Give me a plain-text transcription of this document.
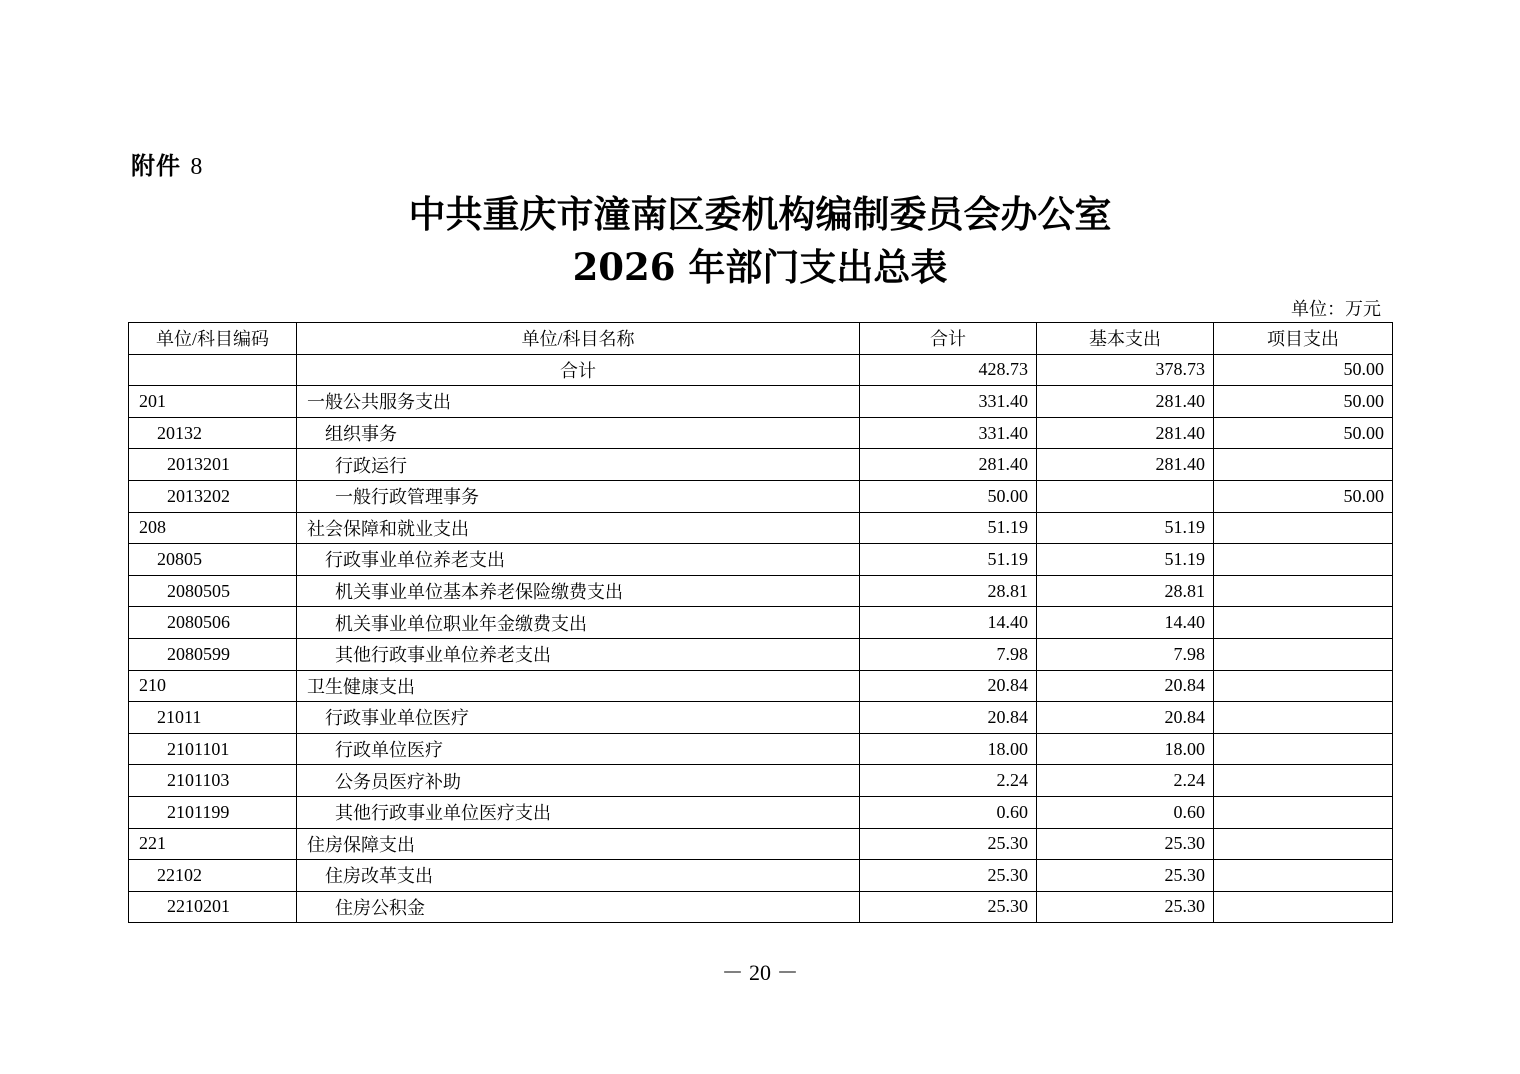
附件 8
中共重庆市潼南区委机构编制委员会办公室
2026 年部门支出总表
单位：万元
单位/科目编码	单位/科目名称	合计	基本支出	项目支出
	合计	428.73	378.73	50.00
201	一般公共服务支出	331.40	281.40	50.00
20132	组织事务	331.40	281.40	50.00
2013201	行政运行	281.40	281.40	
2013202	一般行政管理事务	50.00		50.00
208	社会保障和就业支出	51.19	51.19	
20805	行政事业单位养老支出	51.19	51.19	
2080505	机关事业单位基本养老保险缴费支出	28.81	28.81	
2080506	机关事业单位职业年金缴费支出	14.40	14.40	
2080599	其他行政事业单位养老支出	7.98	7.98	
210	卫生健康支出	20.84	20.84	
21011	行政事业单位医疗	20.84	20.84	
2101101	行政单位医疗	18.00	18.00	
2101103	公务员医疗补助	2.24	2.24	
2101199	其他行政事业单位医疗支出	0.60	0.60	
221	住房保障支出	25.30	25.30	
22102	住房改革支出	25.30	25.30	
2210201	住房公积金	25.30	25.30	
－ 20 －
